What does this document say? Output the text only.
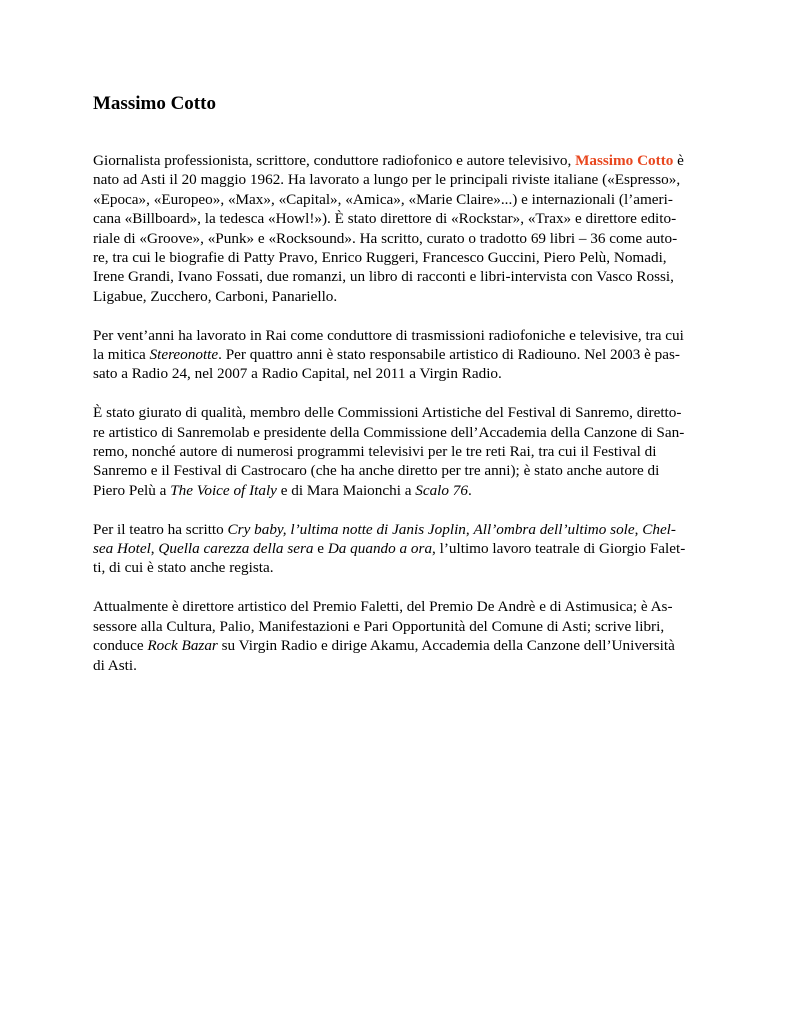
Massimo Cotto

Giornalista professionista, scrittore, conduttore radiofonico e autore televisivo, Massimo Cotto è
nato ad Asti il 20 maggio 1962. Ha lavorato a lungo per le principali riviste italiane («Espresso»,
«Epoca», «Europeo», «Max», «Capital», «Amica», «Marie Claire»...) e internazionali (l’ameri-
cana «Billboard», la tedesca «Howl!»). È stato direttore di «Rockstar», «Trax» e direttore edito-
riale di «Groove», «Punk» e «Rocksound». Ha scritto, curato o tradotto 69 libri – 36 come auto-
re, tra cui le biografie di Patty Pravo, Enrico Ruggeri, Francesco Guccini, Piero Pelù, Nomadi,
Irene Grandi, Ivano Fossati, due romanzi, un libro di racconti e libri-intervista con Vasco Rossi,
Ligabue, Zucchero, Carboni, Panariello.

Per vent’anni ha lavorato in Rai come conduttore di trasmissioni radiofoniche e televisive, tra cui
la mitica Stereonotte. Per quattro anni è stato responsabile artistico di Radiouno. Nel 2003 è pas-
sato a Radio 24, nel 2007 a Radio Capital, nel 2011 a Virgin Radio.

È stato giurato di qualità, membro delle Commissioni Artistiche del Festival di Sanremo, diretto-
re artistico di Sanremolab e presidente della Commissione dell’Accademia della Canzone di San-
remo, nonché autore di numerosi programmi televisivi per le tre reti Rai, tra cui il Festival di
Sanremo e il Festival di Castrocaro (che ha anche diretto per tre anni); è stato anche autore di
Piero Pelù a The Voice of Italy e di Mara Maionchi a Scalo 76.

Per il teatro ha scritto Cry baby, l’ultima notte di Janis Joplin, All’ombra dell’ultimo sole, Chel-
sea Hotel, Quella carezza della sera e Da quando a ora, l’ultimo lavoro teatrale di Giorgio Falet-
ti, di cui è stato anche regista.

Attualmente è direttore artistico del Premio Faletti, del Premio De Andrè e di Astimusica; è As-
sessore alla Cultura, Palio, Manifestazioni e Pari Opportunità del Comune di Asti; scrive libri,
conduce Rock Bazar su Virgin Radio e dirige Akamu, Accademia della Canzone dell’Università
di Asti.
